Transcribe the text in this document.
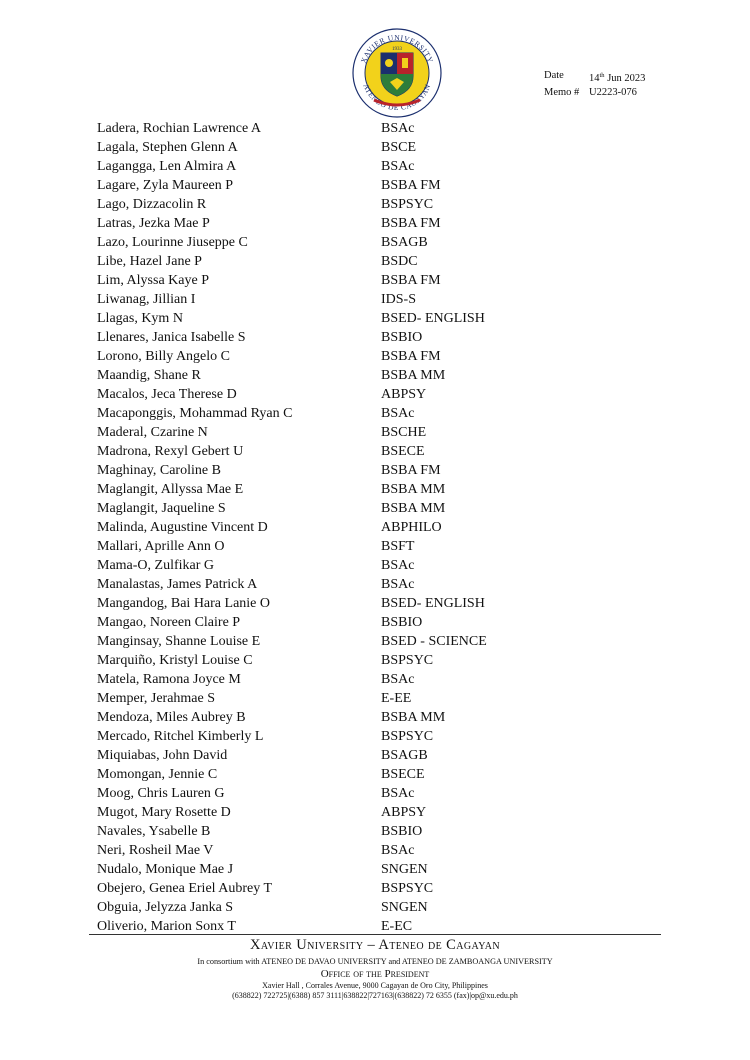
XAVIER UNIVERSITY
ATENEO DE CAGAYAN
1933
Date	14th Jun 2023
Memo # U2223-076
Ladera, Rochian Lawrence A	BSAc
Lagala, Stephen Glenn A	BSCE
Lagangga, Len Almira A	BSAc
Lagare, Zyla Maureen P	BSBA FM
Lago, Dizzacolin R	BSPSYC
Latras, Jezka Mae P	BSBA FM
Lazo, Lourinne Jiuseppe C	BSAGB
Libe, Hazel Jane P	BSDC
Lim, Alyssa Kaye P	BSBA FM
Liwanag, Jillian I	IDS-S
Llagas, Kym N	BSED- ENGLISH
Llenares, Janica Isabelle S	BSBIO
Lorono, Billy Angelo C	BSBA FM
Maandig, Shane R	BSBA MM
Macalos, Jeca Therese D	ABPSY
Macaponggis, Mohammad Ryan C	BSAc
Maderal, Czarine N	BSCHE
Madrona, Rexyl Gebert U	BSECE
Maghinay, Caroline B	BSBA FM
Maglangit, Allyssa Mae E	BSBA MM
Maglangit, Jaqueline S	BSBA MM
Malinda, Augustine Vincent D	ABPHILO
Mallari, Aprille Ann O	BSFT
Mama-O, Zulfikar G	BSAc
Manalastas, James Patrick A	BSAc
Mangandog, Bai Hara Lanie O	BSED- ENGLISH
Mangao, Noreen Claire P	BSBIO
Manginsay, Shanne Louise E	BSED - SCIENCE
Marquiño, Kristyl Louise C	BSPSYC
Matela, Ramona Joyce M	BSAc
Memper, Jerahmae S	E-EE
Mendoza, Miles Aubrey B	BSBA MM
Mercado, Ritchel Kimberly L	BSPSYC
Miquiabas, John David	BSAGB
Momongan, Jennie C	BSECE
Moog, Chris Lauren G	BSAc
Mugot, Mary Rosette D	ABPSY
Navales, Ysabelle B	BSBIO
Neri, Rosheil Mae V	BSAc
Nudalo, Monique Mae J	SNGEN
Obejero, Genea Eriel Aubrey T	BSPSYC
Obguia, Jelyzza Janka S	SNGEN
Oliverio, Marion Sonx T	E-EC
Xavier University – Ateneo de Cagayan
In consortium with ATENEO DE DAVAO UNIVERSITY and ATENEO DE ZAMBOANGA UNIVERSITY
Office of the President
Xavier Hall , Corrales Avenue, 9000 Cagayan de Oro City, Philippines
(638822) 722725|(6388) 857 3111|638822|727163|(638822) 72 6355 (fax)|op@xu.edu.ph
